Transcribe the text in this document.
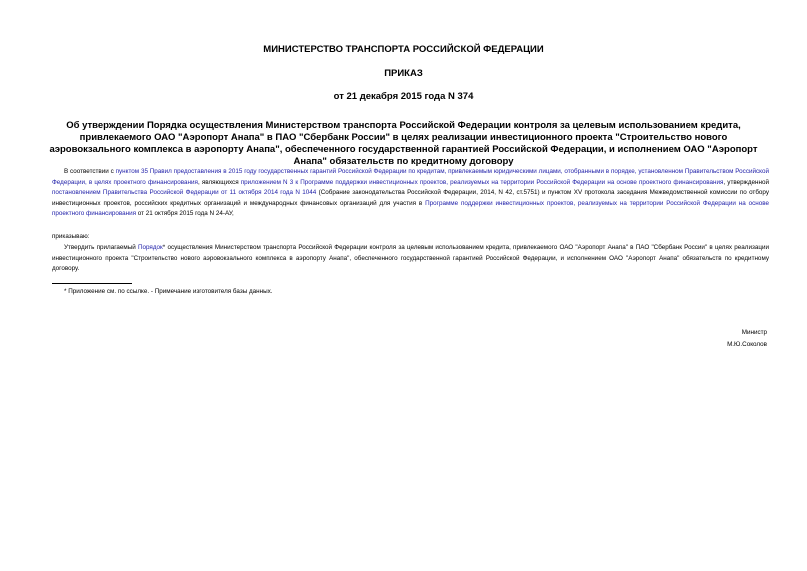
МИНИСТЕРСТВО ТРАНСПОРТА РОССИЙСКОЙ ФЕДЕРАЦИИ
ПРИКАЗ
от 21 декабря 2015 года N 374
Об утверждении Порядка осуществления Министерством транспорта Российской Федерации контроля за целевым использованием кредита, привлекаемого ОАО "Аэропорт Анапа" в ПАО "Сбербанк России" в целях реализации инвестиционного проекта "Строительство нового аэровокзального комплекса в аэропорту Анапа", обеспеченного государственной гарантией Российской Федерации, и исполнением ОАО "Аэропорт Анапа" обязательств по кредитному договору
В соответствии с пунктом 35 Правил предоставления в 2015 году государственных гарантий Российской Федерации по кредитам, привлекаемым юридическими лицами, отобранными в порядке, установленном Правительством Российской Федерации, в целях проектного финансирования, являющихся приложением N 3 к Программе поддержки инвестиционных проектов, реализуемых на территории Российской Федерации на основе проектного финансирования, утвержденной постановлением Правительства Российской Федерации от 11 октября 2014 года N 1044 (Собрание законодательства Российской Федерации, 2014, N 42, ст.5751) и пунктом XV протокола заседания Межведомственной комиссии по отбору инвестиционных проектов, российских кредитных организаций и международных финансовых организаций для участия в Программе поддержки инвестиционных проектов, реализуемых на территории Российской Федерации на основе проектного финансирования от 21 октября 2015 года N 24-АУ,
приказываю:
Утвердить прилагаемый Порядок* осуществления Министерством транспорта Российской Федерации контроля за целевым использованием кредита, привлекаемого ОАО "Аэропорт Анапа" в ПАО "Сбербанк России" в целях реализации инвестиционного проекта "Строительство нового аэровокзального комплекса в аэропорту Анапа", обеспеченного государственной гарантией Российской Федерации, и исполнением ОАО "Аэропорт Анапа" обязательств по кредитному договору.
* Приложение см. по ссылке. - Примечание изготовителя базы данных.
Министр
М.Ю.Соколов
